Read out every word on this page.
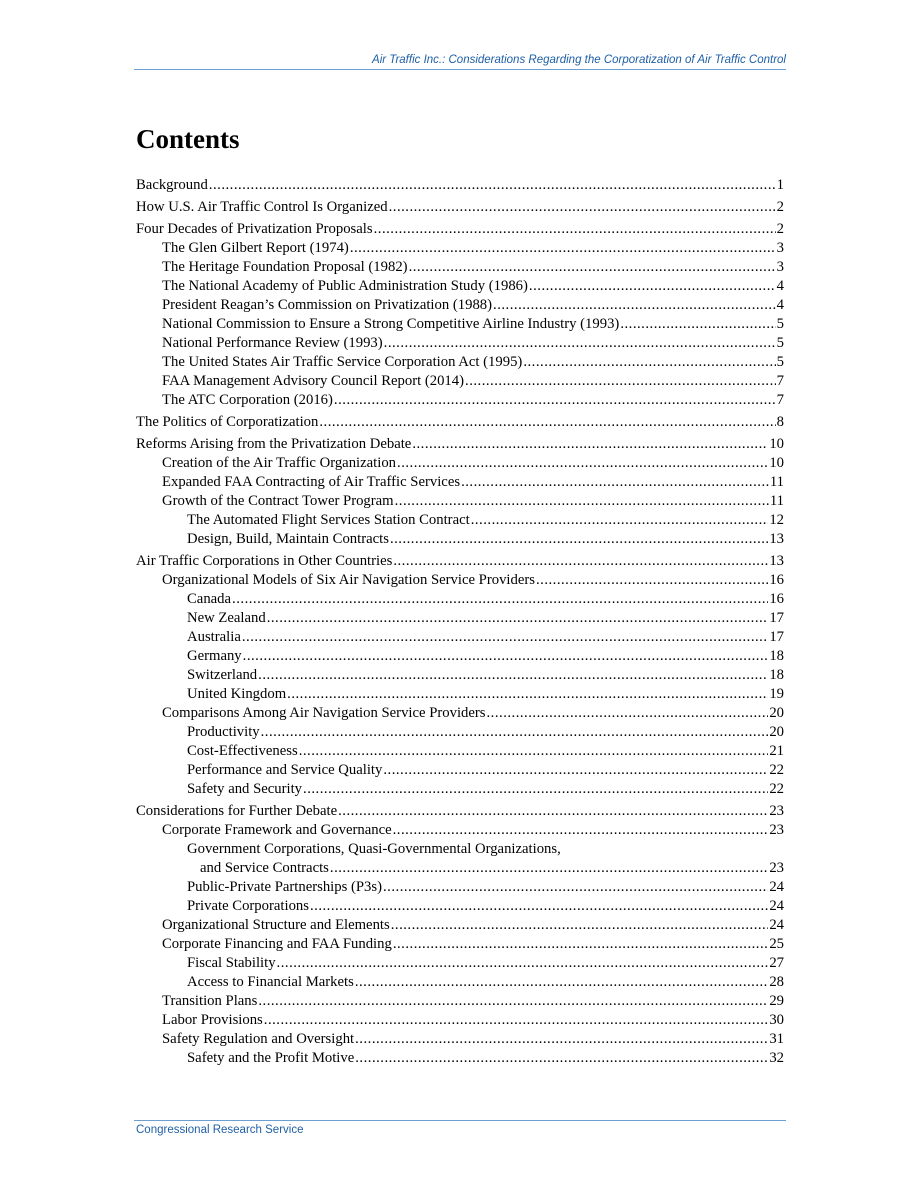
Air Traffic Inc.: Considerations Regarding the Corporatization of Air Traffic Control
Contents
Background .....	1
How U.S. Air Traffic Control Is Organized .....	2
Four Decades of Privatization Proposals .....	2
The Glen Gilbert Report (1974) .....	3
The Heritage Foundation Proposal (1982) .....	3
The National Academy of Public Administration Study (1986) .....	4
President Reagan’s Commission on Privatization (1988) .....	4
National Commission to Ensure a Strong Competitive Airline Industry (1993) .....	5
National Performance Review (1993) .....	5
The United States Air Traffic Service Corporation Act (1995) .....	5
FAA Management Advisory Council Report (2014) .....	7
The ATC Corporation (2016) .....	7
The Politics of Corporatization .....	8
Reforms Arising from the Privatization Debate .....	10
Creation of the Air Traffic Organization .....	10
Expanded FAA Contracting of Air Traffic Services .....	11
Growth of the Contract Tower Program .....	11
The Automated Flight Services Station Contract .....	12
Design, Build, Maintain Contracts .....	13
Air Traffic Corporations in Other Countries .....	13
Organizational Models of Six Air Navigation Service Providers .....	16
Canada .....	16
New Zealand .....	17
Australia .....	17
Germany .....	18
Switzerland .....	18
United Kingdom .....	19
Comparisons Among Air Navigation Service Providers .....	20
Productivity .....	20
Cost-Effectiveness .....	21
Performance and Service Quality .....	22
Safety and Security .....	22
Considerations for Further Debate .....	23
Corporate Framework and Governance .....	23
Government Corporations, Quasi-Governmental Organizations,
and Service Contracts .....	23
Public-Private Partnerships (P3s) .....	24
Private Corporations .....	24
Organizational Structure and Elements .....	24
Corporate Financing and FAA Funding .....	25
Fiscal Stability .....	27
Access to Financial Markets .....	28
Transition Plans .....	29
Labor Provisions .....	30
Safety Regulation and Oversight .....	31
Safety and the Profit Motive .....	32
Congressional Research Service
